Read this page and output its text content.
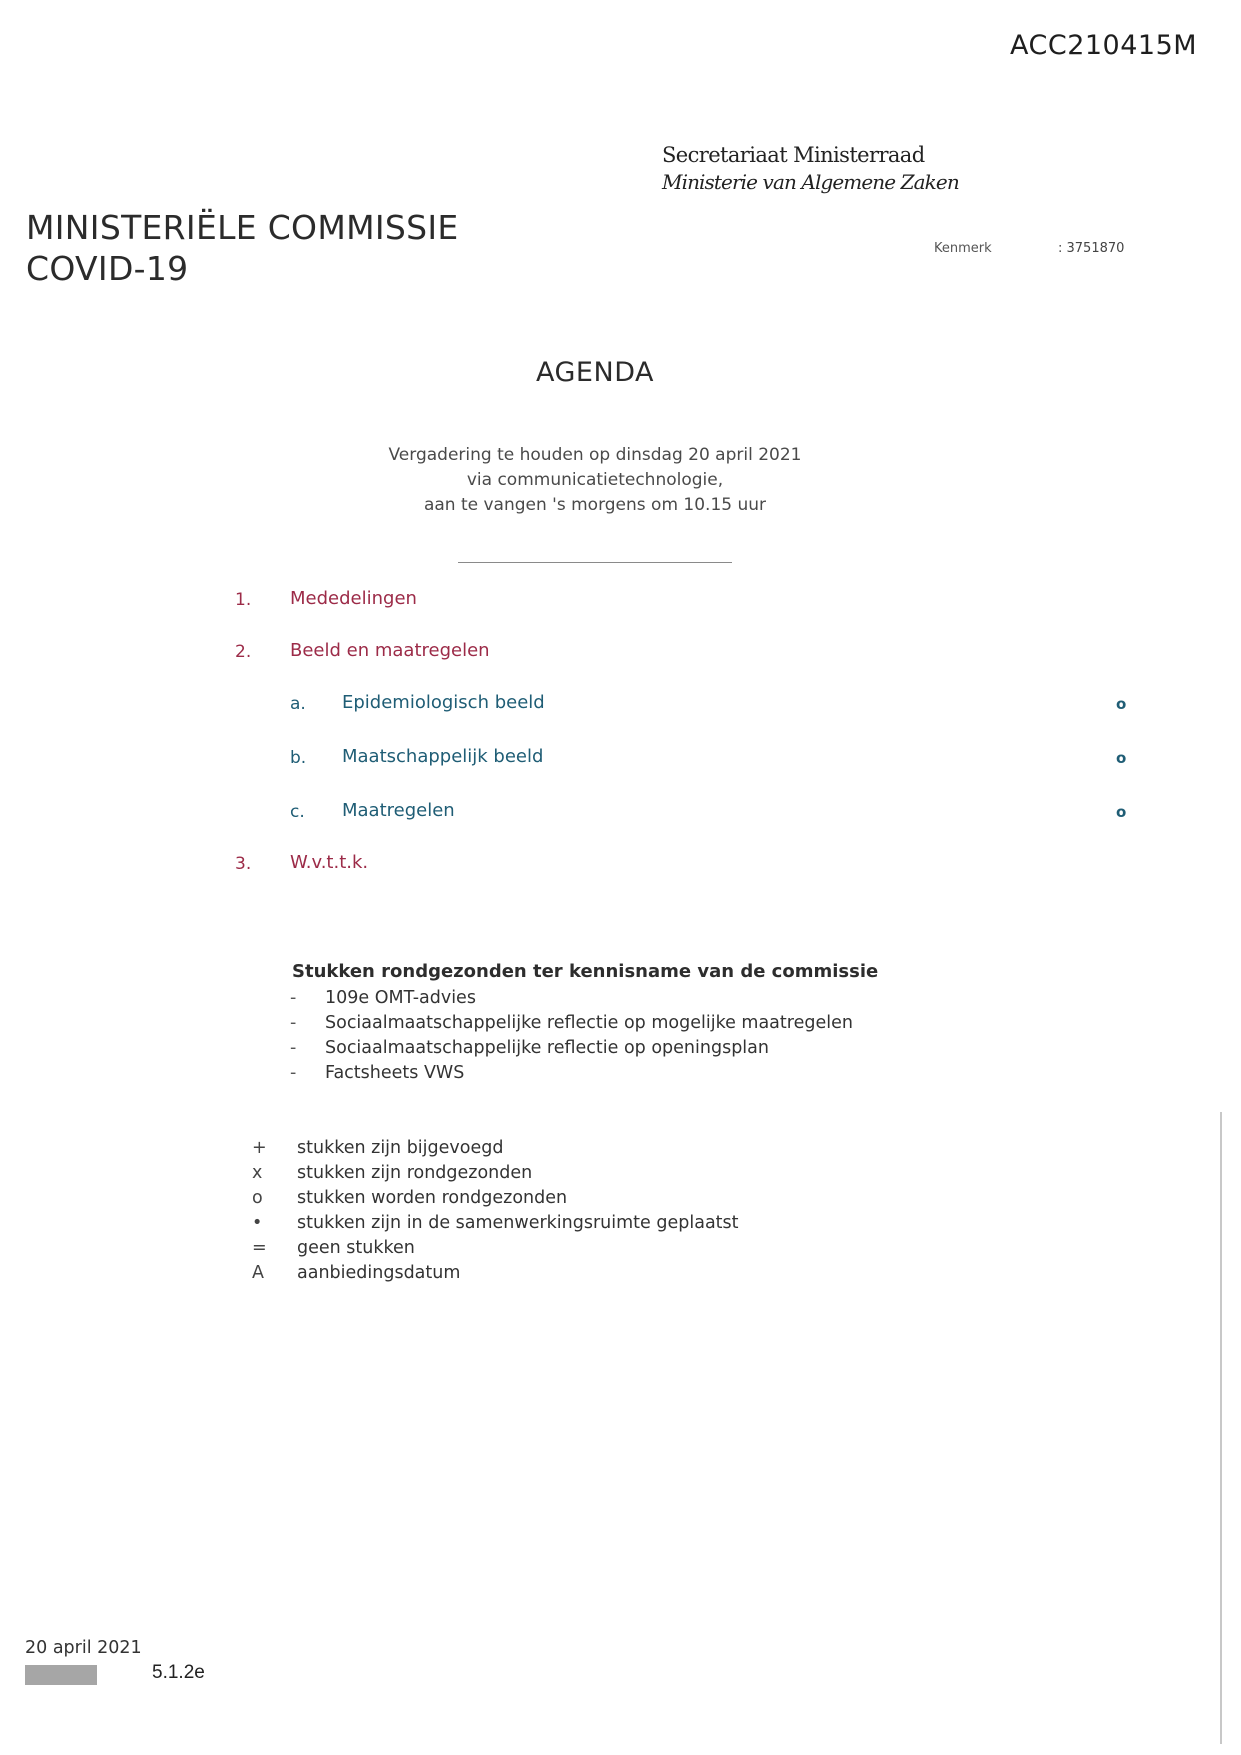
ACC210415M
Secretariaat Ministerraad
Ministerie van Algemene Zaken
MINISTERIËLE COMMISSIE
COVID-19
Kenmerk	: 3751870
AGENDA
Vergadering te houden op dinsdag 20 april 2021
via communicatietechnologie,
aan te vangen 's morgens om 10.15 uur
1. Mededelingen
2. Beeld en maatregelen
a. Epidemiologisch beeld	o
b. Maatschappelijk beeld	o
c. Maatregelen	o
3. W.v.t.t.k.
Stukken rondgezonden ter kennisname van de commissie
-	109e OMT-advies
-	Sociaalmaatschappelijke reflectie op mogelijke maatregelen
-	Sociaalmaatschappelijke reflectie op openingsplan
-	Factsheets VWS
+	stukken zijn bijgevoegd
x	stukken zijn rondgezonden
o	stukken worden rondgezonden
•	stukken zijn in de samenwerkingsruimte geplaatst
=	geen stukken
A	aanbiedingsdatum
20 april 2021
5.1.2e
